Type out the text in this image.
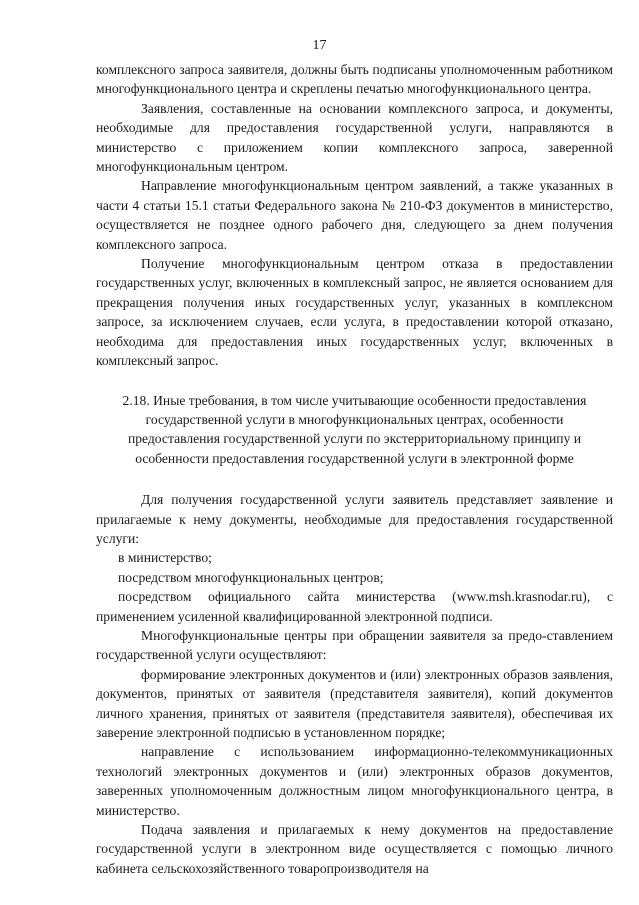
17

комплексного запроса заявителя, должны быть подписаны уполномоченным работником многофункционального центра и скреплены печатью многофункционального центра.

Заявления, составленные на основании комплексного запроса, и документы, необходимые для предоставления государственной услуги, направляются в министерство с приложением копии комплексного запроса, заверенной многофункциональным центром.

Направление многофункциональным центром заявлений, а также указанных в части 4 статьи 15.1 статьи Федерального закона № 210-ФЗ документов в министерство, осуществляется не позднее одного рабочего дня, следующего за днем получения комплексного запроса.

Получение многофункциональным центром отказа в предоставлении государственных услуг, включенных в комплексный запрос, не является основанием для прекращения получения иных государственных услуг, указанных в комплексном запросе, за исключением случаев, если услуга, в предоставлении которой отказано, необходима для предоставления иных государственных услуг, включенных в комплексный запрос.

2.18. Иные требования, в том числе учитывающие особенности предоставления государственной услуги в многофункциональных центрах, особенности предоставления государственной услуги по экстерриториальному принципу и особенности предоставления государственной услуги в электронной форме

Для получения государственной услуги заявитель представляет заявление и прилагаемые к нему документы, необходимые для предоставления государственной услуги:

в министерство;

посредством многофункциональных центров;

посредством официального сайта министерства (www.msh.krasnodar.ru), с применением усиленной квалифицированной электронной подписи.

Многофункциональные центры при обращении заявителя за предо-ставлением государственной услуги осуществляют:

формирование электронных документов и (или) электронных образов заявления, документов, принятых от заявителя (представителя заявителя), копий документов личного хранения, принятых от заявителя (представителя заявителя), обеспечивая их заверение электронной подписью в установленном порядке;

направление с использованием информационно-телекоммуникационных технологий электронных документов и (или) электронных образов документов, заверенных уполномоченным должностным лицом многофункционального центра, в министерство.

Подача заявления и прилагаемых к нему документов на предоставление государственной услуги в электронном виде осуществляется с помощью личного кабинета сельскохозяйственного товаропроизводителя на
